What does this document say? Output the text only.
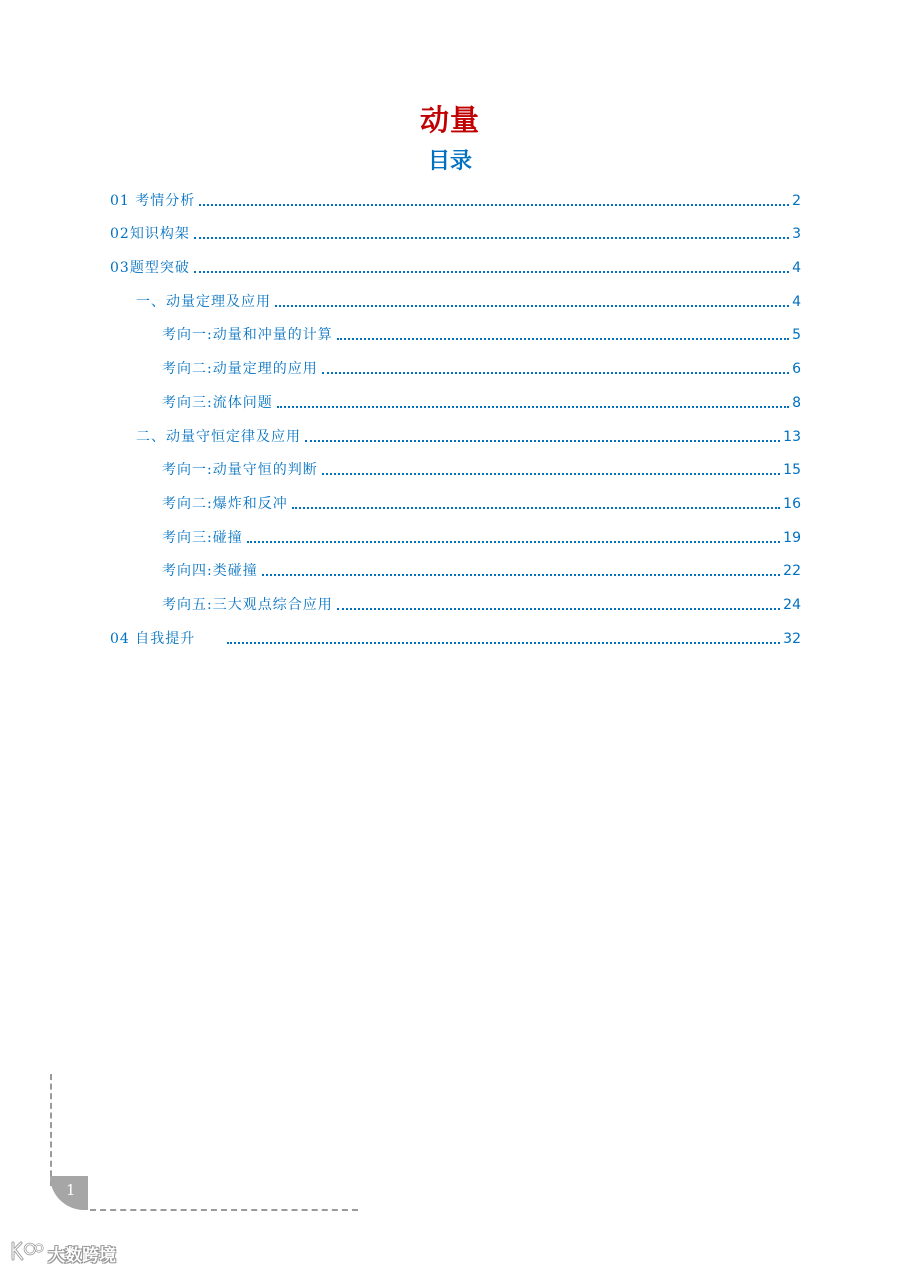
动量
目录
01 考情分析	2
02知识构架	3
03题型突破	4
一、动量定理及应用	4
考向一:动量和冲量的计算	5
考向二:动量定理的应用	6
考向三:流体问题	8
二、动量守恒定律及应用	13
考向一:动量守恒的判断	15
考向二:爆炸和反冲	16
考向三:碰撞	19
考向四:类碰撞	22
考向五:三大观点综合应用	24
04 自我提升	32
1
大数跨境
